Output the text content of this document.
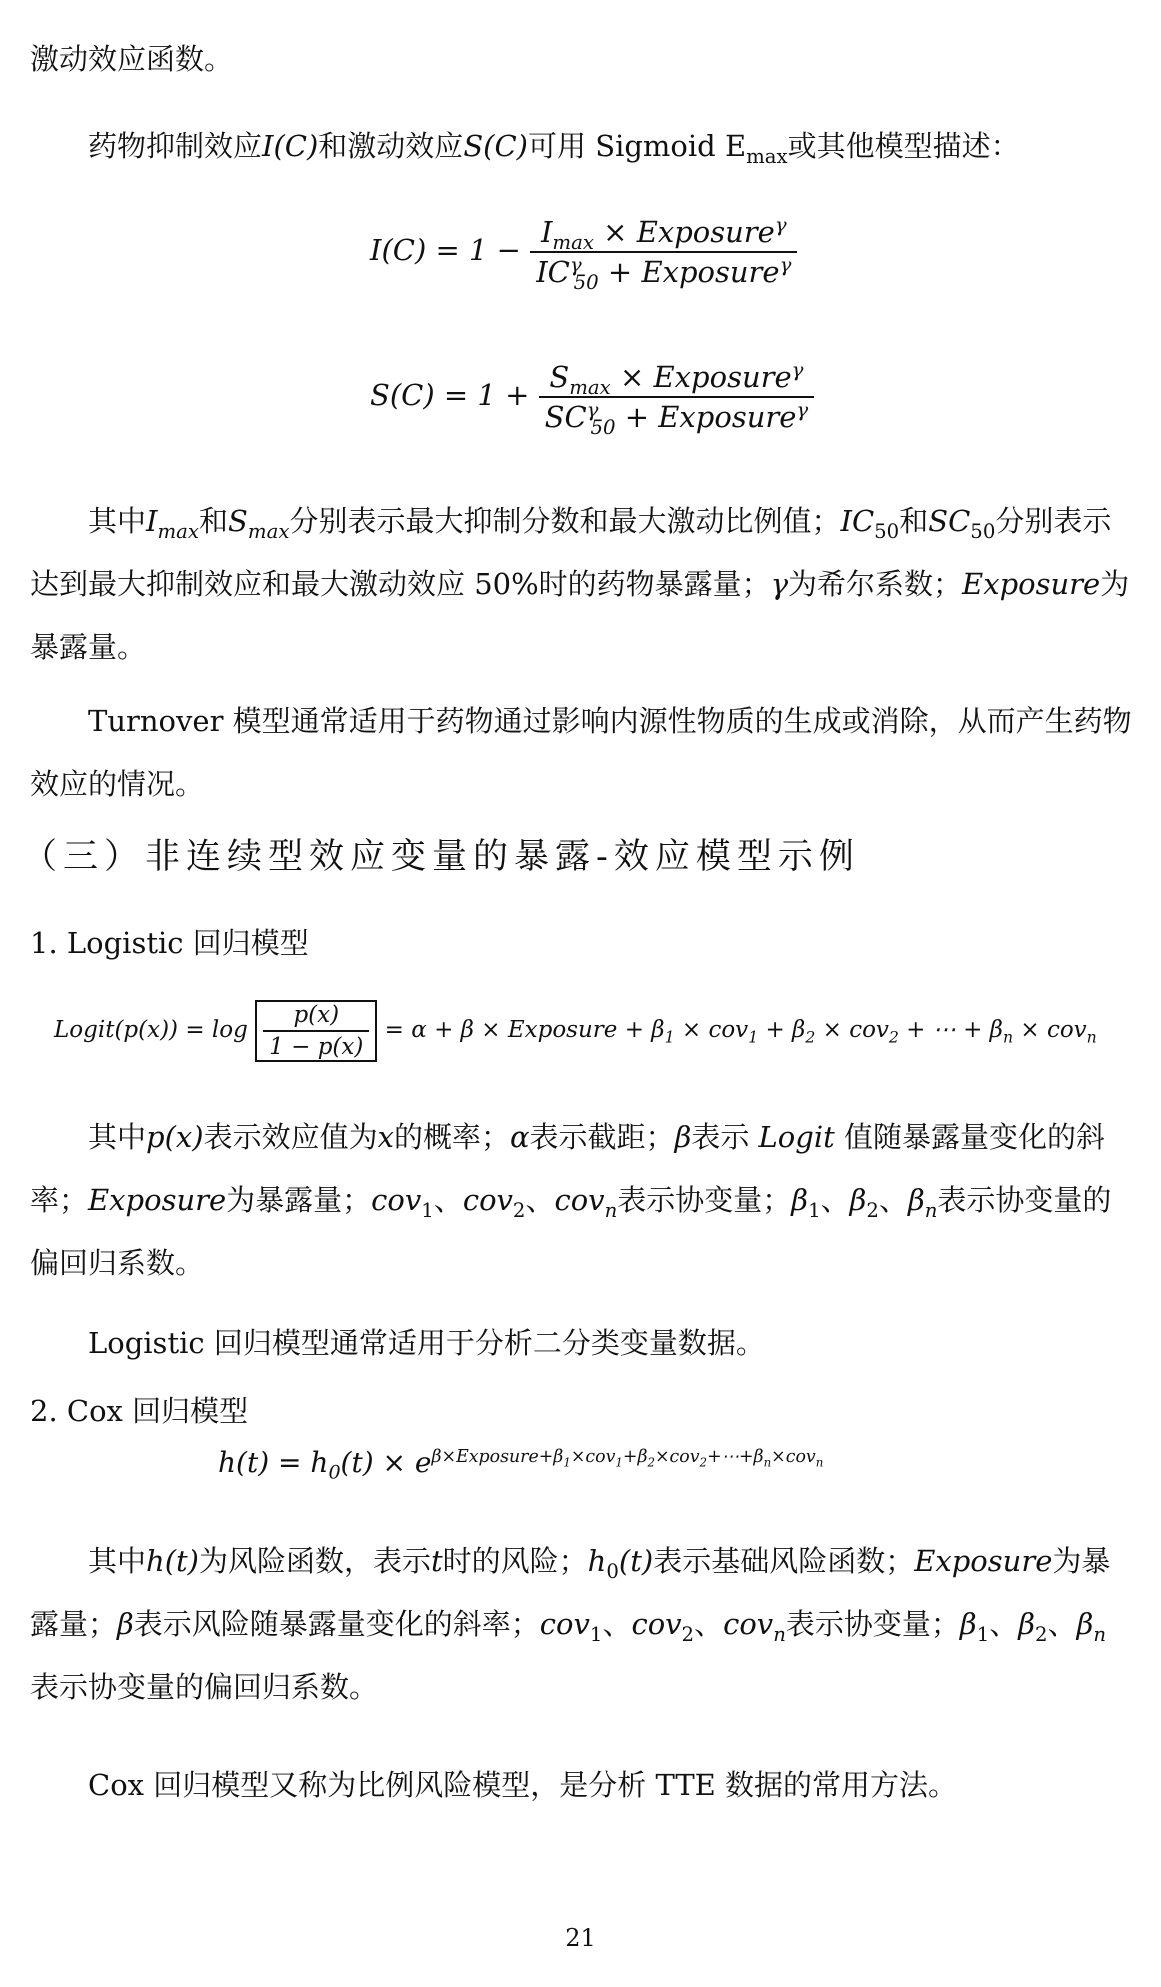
激动效应函数。

药物抑制效应I(C)和激动效应S(C)可用 Sigmoid $E_{max}$或其他模型描述：

$I(C) = 1 - \frac{I_{max} \times Exposure^\gamma}{IC^\gamma_{50} + Exposure^\gamma}$
$S(C) = 1 + \frac{S_{max} \times Exposure^\gamma}{SC^\gamma_{50} + Exposure^\gamma}$

其中$I_{max}$和$S_{max}$分别表示最大抑制分数和最大激动比例值；$IC_{50}$和$SC_{50}$分别表示达到最大抑制效应和最大激动效应 50%时的药物暴露量；γ为希尔系数；Exposure为暴露量。

Turnover 模型通常适用于药物通过影响内源性物质的生成或消除，从而产生药物效应的情况。

（三）非连续型效应变量的暴露-效应模型示例

1. Logistic 回归模型

Logit(p(x)) = $\log \frac{p(x)}{1 - p(x)} = \alpha + \beta$ × Exposure + $\beta_1 \times cov_1 + \beta_2 \times cov_2$ + ⋯ + $\beta_n \times cov_n$

其中p(x)表示效应值为x的概率；α表示截距；β表示 Logit 值随暴露量变化的斜率；Exposure为暴露量；cov$_1$、cov$_2$、cov$_n$表示协变量；$\beta_1$、$\beta_2$、$\beta_n$表示协变量的偏回归系数。

Logistic 回归模型通常适用于分析二分类变量数据。

2. Cox 回归模型

$h(t) = h_0(t) \times e^{\beta\times Exposure+\beta_1\times cov_1+\beta_2\times cov_2+\cdots+\beta_n\times cov_n}$

其中h(t)为风险函数，表示t时的风险；$h_0(t)$表示基础风险函数；Exposure为暴露量；β表示风险随暴露量变化的斜率；cov$_1$、cov$_2$、cov$_n$表示协变量；$\beta_1$、$\beta_2$、$\beta_n$表示协变量的偏回归系数。

Cox 回归模型又称为比例风险模型，是分析 TTE 数据的常用方法。

21
